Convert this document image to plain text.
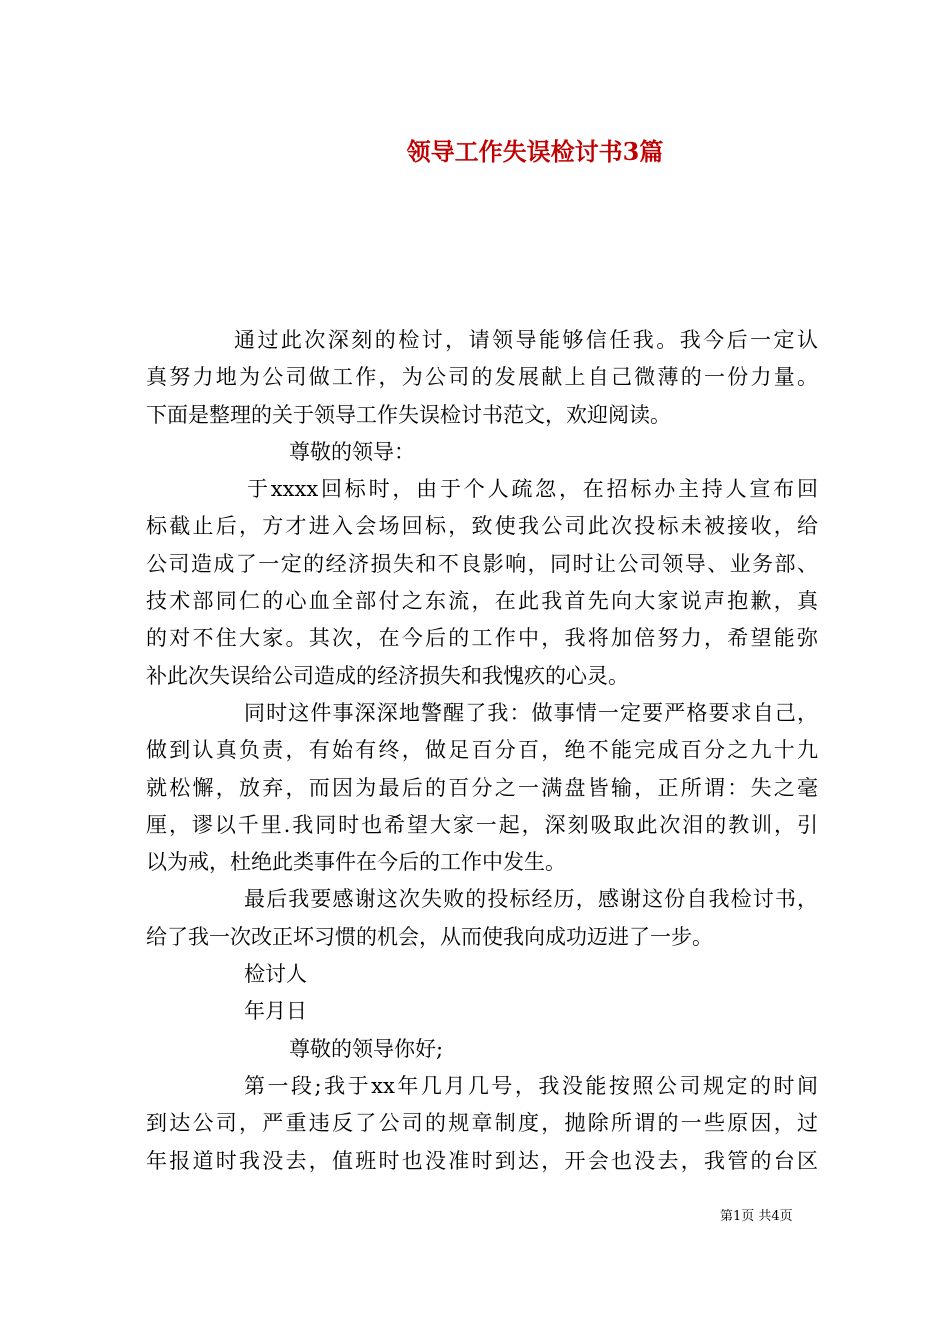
领导工作失误检讨书3篇
通过此次深刻的检讨，请领导能够信任我。我今后一定认
真努力地为公司做工作，为公司的发展献上自己微薄的一份力量。
下面是整理的关于领导工作失误检讨书范文，欢迎阅读。
尊敬的领导：
于xxxx回标时，由于个人疏忽，在招标办主持人宣布回
标截止后，方才进入会场回标，致使我公司此次投标未被接收，给
公司造成了一定的经济损失和不良影响，同时让公司领导、业务部、
技术部同仁的心血全部付之东流，在此我首先向大家说声抱歉，真
的对不住大家。其次，在今后的工作中，我将加倍努力，希望能弥
补此次失误给公司造成的经济损失和我愧疚的心灵。
同时这件事深深地警醒了我：做事情一定要严格要求自己，
做到认真负责，有始有终，做足百分百，绝不能完成百分之九十九
就松懈，放弃，而因为最后的百分之一满盘皆输，正所谓：失之毫
厘，谬以千里.我同时也希望大家一起，深刻吸取此次泪的教训，引
以为戒，杜绝此类事件在今后的工作中发生。
最后我要感谢这次失败的投标经历，感谢这份自我检讨书，
给了我一次改正坏习惯的机会，从而使我向成功迈进了一步。
检讨人
年月日
尊敬的领导你好;
第一段;我于xx年几月几号，我没能按照公司规定的时间
到达公司，严重违反了公司的规章制度，抛除所谓的一些原因，过
年报道时我没去，值班时也没准时到达，开会也没去，我管的台区
第1页 共4页
